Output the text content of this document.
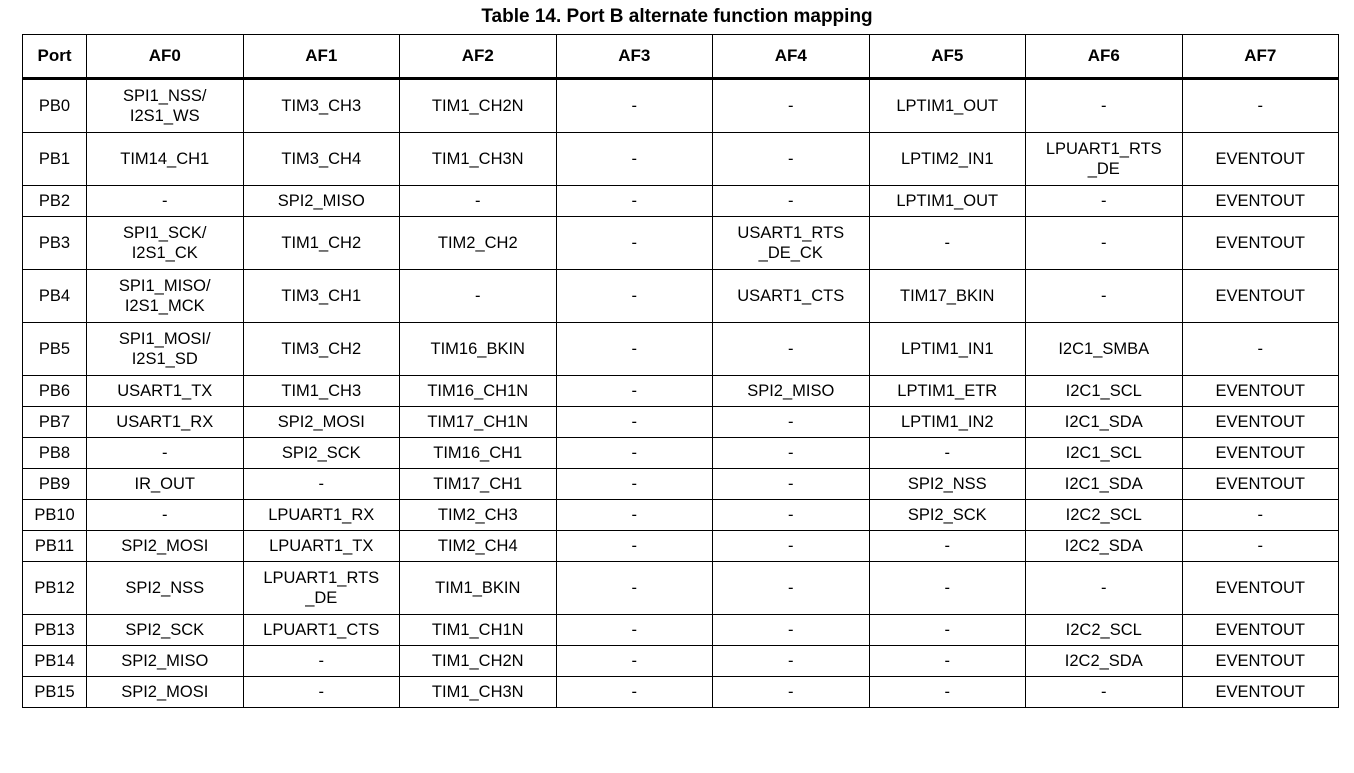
Table 14. Port B alternate function mapping
Port	AF0	AF1	AF2	AF3	AF4	AF5	AF6	AF7
PB0	SPI1_NSS/
I2S1_WS	TIM3_CH3	TIM1_CH2N	-	-	LPTIM1_OUT	-	-
PB1	TIM14_CH1	TIM3_CH4	TIM1_CH3N	-	-	LPTIM2_IN1	LPUART1_RTS
_DE	EVENTOUT
PB2	-	SPI2_MISO	-	-	-	LPTIM1_OUT	-	EVENTOUT
PB3	SPI1_SCK/
I2S1_CK	TIM1_CH2	TIM2_CH2	-	USART1_RTS
_DE_CK	-	-	EVENTOUT
PB4	SPI1_MISO/
I2S1_MCK	TIM3_CH1	-	-	USART1_CTS	TIM17_BKIN	-	EVENTOUT
PB5	SPI1_MOSI/
I2S1_SD	TIM3_CH2	TIM16_BKIN	-	-	LPTIM1_IN1	I2C1_SMBA	-
PB6	USART1_TX	TIM1_CH3	TIM16_CH1N	-	SPI2_MISO	LPTIM1_ETR	I2C1_SCL	EVENTOUT
PB7	USART1_RX	SPI2_MOSI	TIM17_CH1N	-	-	LPTIM1_IN2	I2C1_SDA	EVENTOUT
PB8	-	SPI2_SCK	TIM16_CH1	-	-	-	I2C1_SCL	EVENTOUT
PB9	IR_OUT	-	TIM17_CH1	-	-	SPI2_NSS	I2C1_SDA	EVENTOUT
PB10	-	LPUART1_RX	TIM2_CH3	-	-	SPI2_SCK	I2C2_SCL	-
PB11	SPI2_MOSI	LPUART1_TX	TIM2_CH4	-	-	-	I2C2_SDA	-
PB12	SPI2_NSS	LPUART1_RTS
_DE	TIM1_BKIN	-	-	-	-	EVENTOUT
PB13	SPI2_SCK	LPUART1_CTS	TIM1_CH1N	-	-	-	I2C2_SCL	EVENTOUT
PB14	SPI2_MISO	-	TIM1_CH2N	-	-	-	I2C2_SDA	EVENTOUT
PB15	SPI2_MOSI	-	TIM1_CH3N	-	-	-	-	EVENTOUT
